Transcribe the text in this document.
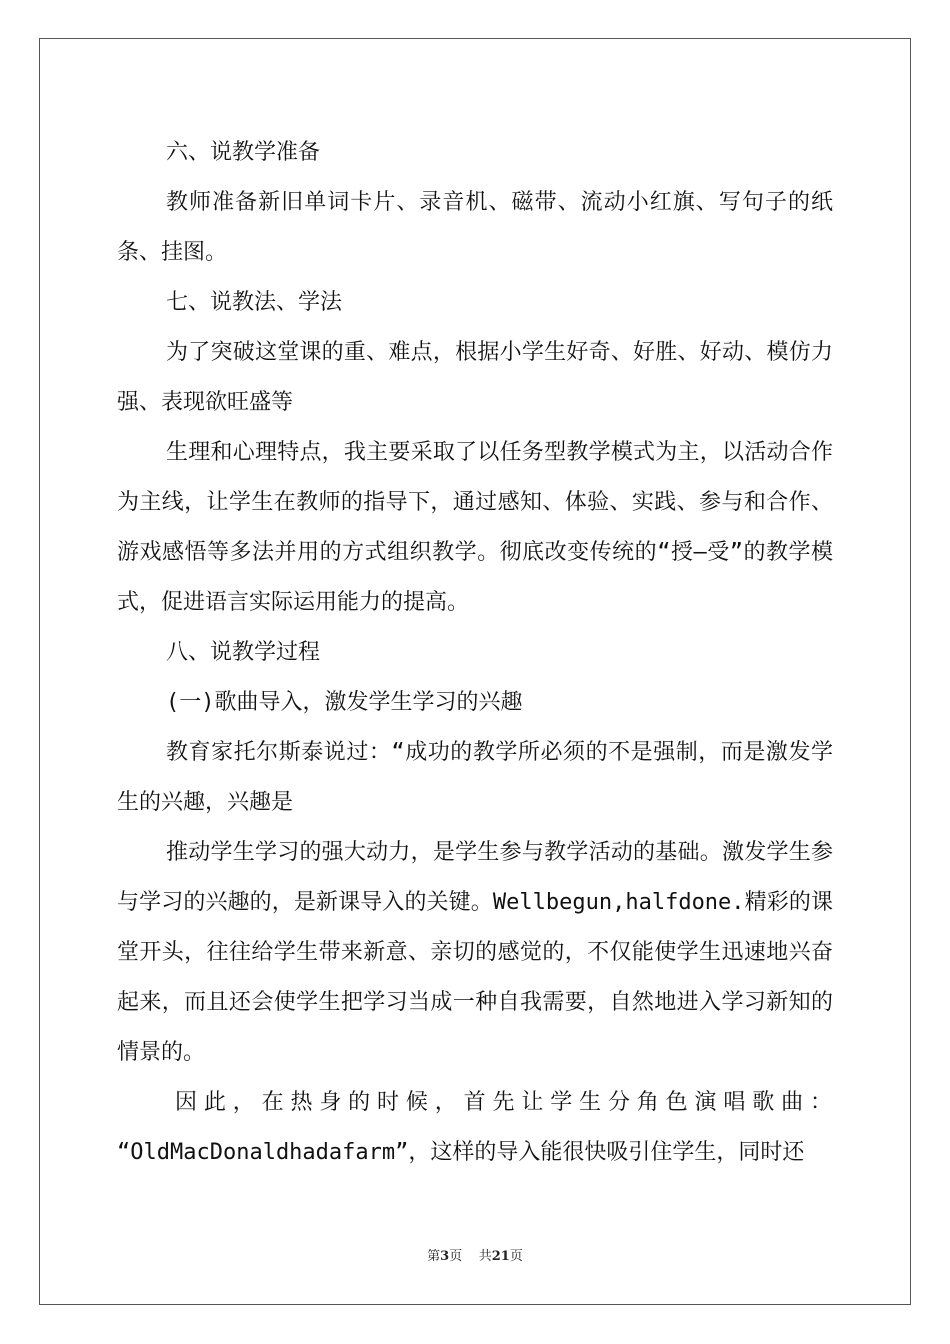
六、说教学准备

教师准备新旧单词卡片、录音机、磁带、流动小红旗、写句子的纸条、挂图。

七、说教法、学法

为了突破这堂课的重、难点，根据小学生好奇、好胜、好动、模仿力强、表现欲旺盛等

生理和心理特点，我主要采取了以任务型教学模式为主，以活动合作为主线，让学生在教师的指导下，通过感知、体验、实践、参与和合作、游戏感悟等多法并用的方式组织教学。彻底改变传统的“授—受”的教学模式，促进语言实际运用能力的提高。

八、说教学过程

(一)歌曲导入，激发学生学习的兴趣

教育家托尔斯泰说过：“成功的教学所必须的不是强制，而是激发学生的兴趣，兴趣是

推动学生学习的强大动力，是学生参与教学活动的基础。激发学生参与学习的兴趣的，是新课导入的关键。Wellbegun,halfdone.精彩的课堂开头，往往给学生带来新意、亲切的感觉的，不仅能使学生迅速地兴奋起来，而且还会使学生把学习当成一种自我需要，自然地进入学习新知的情景的。

因此，在热身的时候，首先让学生分角色演唱歌曲：

“OldMacDonaldhadafarm”，这样的导入能很快吸引住学生，同时还

第3页 共21页
